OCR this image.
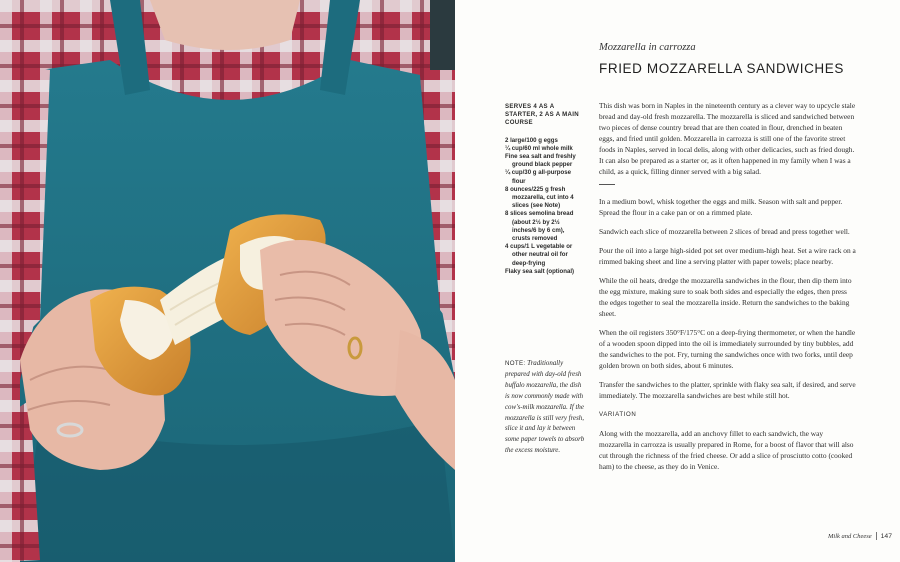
Mozzarella in carrozza
FRIED MOZZARELLA SANDWICHES
SERVES 4 AS A STARTER, 2 AS A MAIN COURSE
2 large/100 g eggs
¼ cup/60 ml whole milk
Fine sea salt and freshly ground black pepper
¼ cup/30 g all-purpose flour
8 ounces/225 g fresh mozzarella, cut into 4 slices (see Note)
8 slices semolina bread (about 2½ by 2½ inches/6 by 6 cm), crusts removed
4 cups/1 L vegetable or other neutral oil for deep-frying
Flaky sea salt (optional)
NOTE: Traditionally prepared with day-old fresh buffalo mozzarella, the dish is now commonly made with cow's-milk mozzarella. If the mozzarella is still very fresh, slice it and lay it between some paper towels to absorb the excess moisture.

This dish was born in Naples in the nineteenth century as a clever way to upcycle stale bread and day-old fresh mozzarella. The mozzarella is sliced and sandwiched between two pieces of dense country bread that are then coated in flour, drenched in beaten eggs, and fried until golden. Mozzarella in carrozza is still one of the favorite street foods in Naples, served in local delis, along with other delicacies, such as fried dough. It can also be prepared as a starter or, as it often happened in my family when I was a child, as a quick, filling dinner served with a big salad.

In a medium bowl, whisk together the eggs and milk. Season with salt and pepper. Spread the flour in a cake pan or on a rimmed plate.

Sandwich each slice of mozzarella between 2 slices of bread and press together well.

Pour the oil into a large high-sided pot set over medium-high heat. Set a wire rack on a rimmed baking sheet and line a serving platter with paper towels; place nearby.

While the oil heats, dredge the mozzarella sandwiches in the flour, then dip them into the egg mixture, making sure to soak both sides and especially the edges, then press the edges together to seal the mozzarella inside. Return the sandwiches to the baking sheet.

When the oil registers 350°F/175°C on a deep-frying thermometer, or when the handle of a wooden spoon dipped into the oil is immediately surrounded by tiny bubbles, add the sandwiches to the pot. Fry, turning the sandwiches once with two forks, until deep golden brown on both sides, about 6 minutes.

Transfer the sandwiches to the platter, sprinkle with flaky sea salt, if desired, and serve immediately. The mozzarella sandwiches are best while still hot.

VARIATION

Along with the mozzarella, add an anchovy fillet to each sandwich, the way mozzarella in carrozza is usually prepared in Rome, for a boost of flavor that will also cut through the richness of the fried cheese. Or add a slice of prosciutto cotto (cooked ham) to the cheese, as they do in Venice.

Milk and Cheese 147
